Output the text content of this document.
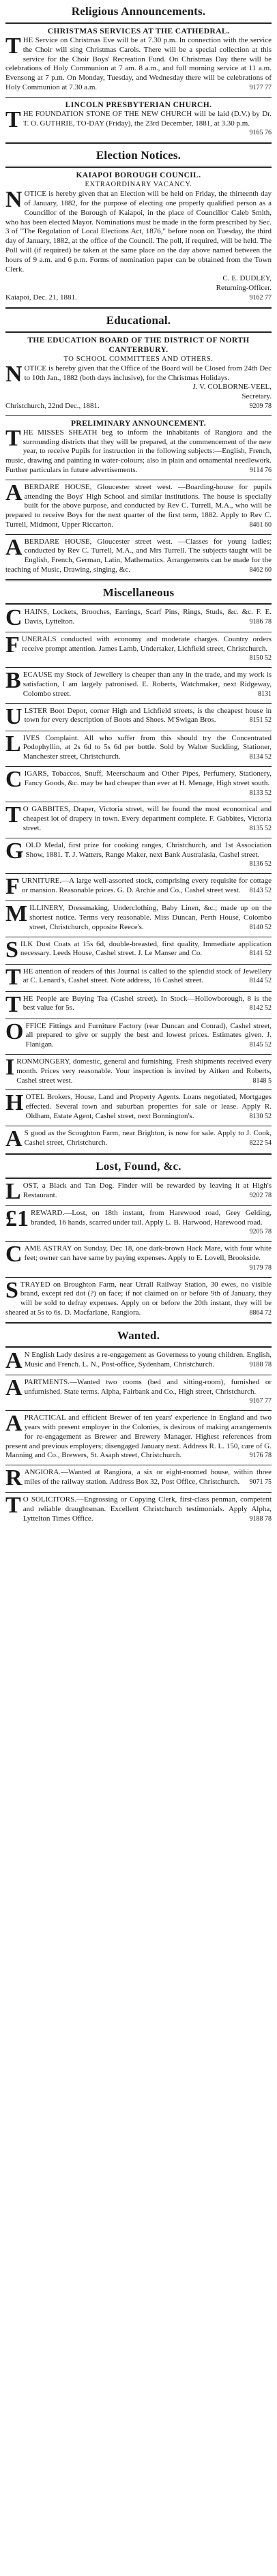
Religious Announcements.
CHRISTMAS SERVICES AT THE CATHEDRAL.
THE Service on Christmas Eve will be at 7.30 p.m. In connection with the service the Choir will sing Christmas Carols. There will be a special collection at this service for the Choir Boys' Recreation Fund. On Christmas Day there will be celebrations of Holy Communion at 7 am. 8 a.m., and full morning service at 11 a.m. Evensong at 7 p.m. On Monday, Tuesday, and Wednesday there will be celebrations of Holy Communion at 7.30 a.m.	9177 77
LINCOLN PRESBYTERIAN CHURCH.
THE FOUNDATION STONE OF THE NEW CHURCH will be laid (D.V.) by Dr. T. O. GUTHRIE, TO-DAY (Friday), the 23rd December, 1881, at 3.30 p.m.
9165 76
Election Notices.
KAIAPOI BOROUGH COUNCIL.
EXTRAORDINARY VACANCY.
NOTICE is hereby given that an Election will be held on Friday, the thirteenth day of January, 1882, for the purpose of electing one properly qualified person as a Councillor of the Borough of Kaiapoi, in the place of Councillor Caleb Smith, who has been elected Mayor. Nominations must be made in the form prescribed by Sec. 3 of "The Regulation of Local Elections Act, 1876," before noon on Tuesday, the third day of January, 1882, at the office of the Council. The poll, if required, will be held. The Poll will (if required) be taken at the same place on the day above named between the hours of 9 a.m. and 6 p.m. Forms of nomination paper can be obtained from the Town Clerk.
C. E. DUDLEY,
Returning-Officer.
Kaiapoi, Dec. 21, 1881.	9162 77
Educational.
THE EDUCATION BOARD OF THE DISTRICT OF NORTH CANTERBURY.
TO SCHOOL COMMITTEES AND OTHERS.
NOTICE is hereby given that the Office of the Board will be Closed from 24th Dec to 10th Jan., 1882 (both days inclusive), for the Christmas Holidays.
J. V. COLBORNE-VEEL,
Secretary.
Christchurch, 22nd Dec., 1881.	9209 78
PRELIMINARY ANNOUNCEMENT.
THE MISSES SHEATH beg to inform the inhabitants of Rangiora and the surrounding districts that they will be prepared, at the commencement of the new year, to receive Pupils for instruction in the following subjects:—English, French, music, drawing and painting in water-colours; also in plain and ornamental needlework. Further particulars in future advertisements.	9114 76
ABERDARE HOUSE, Gloucester street west. —Boarding-house for pupils attending the Boys' High School and similar institutions. The house is specially built for the above purpose, and conducted by Rev C. Turrell, M.A., who will be prepared to receive Boys for the next quarter of the first term, 1882. Apply to Rev C. Turrell, Midmont, Upper Riccarton.	8461 60
ABERDARE HOUSE, Gloucester street west. —Classes for young ladies; conducted by Rev C. Turrell, M.A., and Mrs Turrell. The subjects taught will be English, French, German, Latin, Mathematics. Arrangements can be made for the teaching of Music, Drawing, singing, &c.	8462 60
Miscellaneous
CHAINS, Lockets, Brooches, Earrings, Scarf Pins, Rings, Studs, &c. &c. F. E. Davis, Lyttelton.	9186 78
FUNERALS conducted with economy and moderate charges. Country orders receive prompt attention. James Lamb, Undertaker, Lichfield street, Christchurch.
8150 52
BECAUSE my Stock of Jewellery is cheaper than any in the trade, and my work is satisfaction, I am largely patronised. E. Roberts, Watchmaker, next Ridgeway, Colombo street.	8131
ULSTER Boot Depot, corner High and Lichfield streets, is the cheapest house in town for every description of Boots and Shoes. M'Swigan Bros.	8151 52
LIVES Complaint. All who suffer from this should try the Concentrated Podophyllin, at 2s 6d to 5s 6d per bottle. Sold by Walter Suckling, Stationer, Manchester street, Christchurch.	8134 52
CIGARS, Tobaccos, Snuff, Meerschaum and Other Pipes, Perfumery, Stationery, Fancy Goods, &c. may be had cheaper than ever at H. Menage, High street south.
8133 52
T O GABBITES, Draper, Victoria street, will be found the most economical and cheapest lot of drapery in town. Every department complete. F. Gabbites, Victoria street.	8135 52
GOLD Medal, first prize for cooking ranges, Christchurch, and 1st Association Show, 1881. T. J. Watters, Range Maker, next Bank Australasia, Cashel street.
8136 52
FURNITURE.—A large well-assorted stock, comprising every requisite for cottage or mansion. Reasonable prices. G. D. Archie and Co., Cashel street west. 8143 52
MILLINERY, Dressmaking, Underclothing, Baby Linen, &c.; made up on the shortest notice. Terms very reasonable. Miss Duncan, Perth House, Colombo street, Christchurch, opposite Reece's.	8140 52
SILK Dust Coats at 15s 6d, double-breasted, first quality, Immediate application necessary. Leeds House, Cashel street. J. Le Manser and Co.	8141 52
THE attention of readers of this Journal is called to the splendid stock of Jewellery at C. Lenard's, Cashel street. Note address, 16 Cashel street.	8144 52
THE People are Buying Tea (Cashel street). In Stock—Hollowborough, 8 is the best value for 5s.	8142 52
OFFICE Fittings and Furniture Factory (rear Duncan and Conrad), Cashel street, all prepared to give or supply the best and lowest prices. Estimates given. J. Flanigan.	8145 52
IRONMONGERY, domestic, general and furnishing. Fresh shipments received every month. Prices very reasonable. Your inspection is invited by Aitken and Roberts, Cashel street west.	8148 5
HOTEL Brokers, House, Land and Property Agents. Loans negotiated, Mortgages effected. Several town and suburban properties for sale or lease. Apply R. Oldham, Estate Agent, Cashel street, next Bonnington's.	8130 52
A S good as the Scoughton Farm, near Brighton, is now for sale. Apply to J. Cook, Cashel street, Christchurch.	8222 54
Lost, Found, &c.
LOST, a Black and Tan Dog. Finder will be rewarded by leaving it at High's Restaurant.	9202 78
£1 REWARD.—Lost, on 18th instant, from Harewood road, Grey Gelding, branded, 16 hands, scarred under tail. Apply L. B. Harwood, Harewood road.
9205 78
CAME ASTRAY on Sunday, Dec 18, one dark-brown Hack Mare, with four white feet; owner can have same by paying expenses. Apply to E. Lovell, Brookside.
9179 78
STRAYED on Broughton Farm, near Urrall Railway Station, 30 ewes, no visible brand, except red dot (?) on face; if not claimed on or before 9th of January, they will be sold to defray expenses. Apply on or before the 20th instant, they will be sheared at 5s to 6s. D. Macfarlane, Rangiora.	8864 72
Wanted.
A N English Lady desires a re-engagement as Governess to young children. English, Music and French. L. N., Post-office, Sydenham, Christchurch.	9188 78
APARTMENTS.—Wanted two rooms (bed and sitting-room), furnished or unfurnished. State terms. Alpha, Fairbank and Co., High street, Christchurch.
9167 77
APRACTICAL and efficient Brewer of ten years' experience in England and two years with present employer in the Colonies, is desirous of making arrangements for re-engagement as Brewer and Brewery Manager. Highest references from present and previous employers; disengaged January next. Address R. L. 150, care of G. Manning and Co., Brewers, St. Asaph street, Christchurch.	9176 78
RANGIORA.—Wanted at Rangiora, a six or eight-roomed house, within three miles of the railway station. Address Box 32, Post Office, Christchurch. 9071 75
T O SOLICITORS.—Engrossing or Copying Clerk, first-class penman, competent and reliable draughtsman. Excellent Christchurch testimonials. Apply Alpha, Lyttelton Times Office.	9188 78
